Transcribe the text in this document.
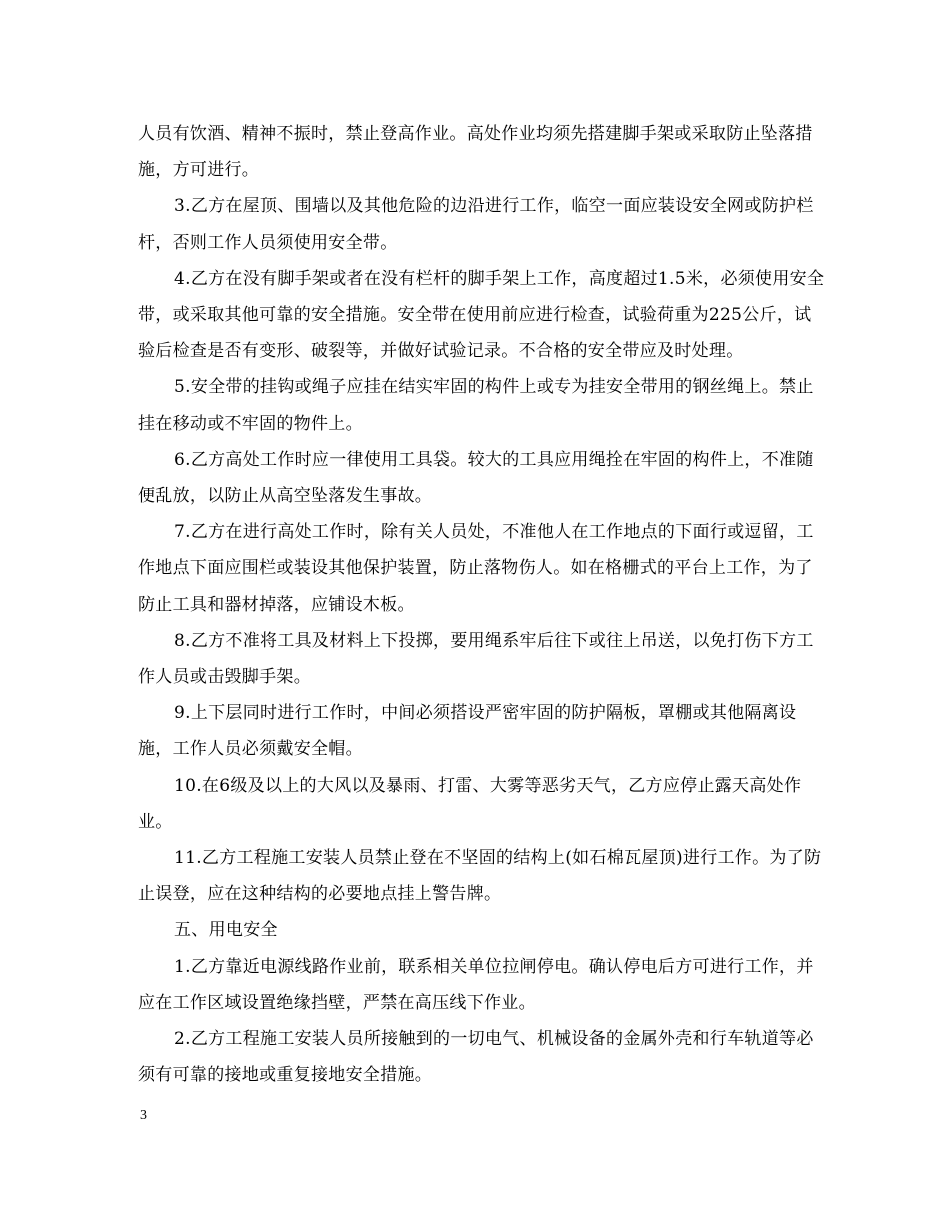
人员有饮酒、精神不振时，禁止登高作业。高处作业均须先搭建脚手架或采取防止坠落措施，方可进行。

3.乙方在屋顶、围墙以及其他危险的边沿进行工作，临空一面应装设安全网或防护栏杆，否则工作人员须使用安全带。

4.乙方在没有脚手架或者在没有栏杆的脚手架上工作，高度超过1.5米，必须使用安全带，或采取其他可靠的安全措施。安全带在使用前应进行检查，试验荷重为225公斤，试验后检查是否有变形、破裂等，并做好试验记录。不合格的安全带应及时处理。

5.安全带的挂钩或绳子应挂在结实牢固的构件上或专为挂安全带用的钢丝绳上。禁止挂在移动或不牢固的物件上。

6.乙方高处工作时应一律使用工具袋。较大的工具应用绳拴在牢固的构件上，不准随便乱放，以防止从高空坠落发生事故。

7.乙方在进行高处工作时，除有关人员处，不准他人在工作地点的下面行或逗留，工作地点下面应围栏或装设其他保护装置，防止落物伤人。如在格栅式的平台上工作，为了防止工具和器材掉落，应铺设木板。

8.乙方不准将工具及材料上下投掷，要用绳系牢后往下或往上吊送，以免打伤下方工作人员或击毁脚手架。

9.上下层同时进行工作时，中间必须搭设严密牢固的防护隔板，罩棚或其他隔离设施，工作人员必须戴安全帽。

10.在6级及以上的大风以及暴雨、打雷、大雾等恶劣天气，乙方应停止露天高处作业。

11.乙方工程施工安装人员禁止登在不坚固的结构上(如石棉瓦屋顶)进行工作。为了防止误登，应在这种结构的必要地点挂上警告牌。

五、用电安全

1.乙方靠近电源线路作业前，联系相关单位拉闸停电。确认停电后方可进行工作，并应在工作区域设置绝缘挡壁，严禁在高压线下作业。

2.乙方工程施工安装人员所接触到的一切电气、机械设备的金属外壳和行车轨道等必须有可靠的接地或重复接地安全措施。

3
